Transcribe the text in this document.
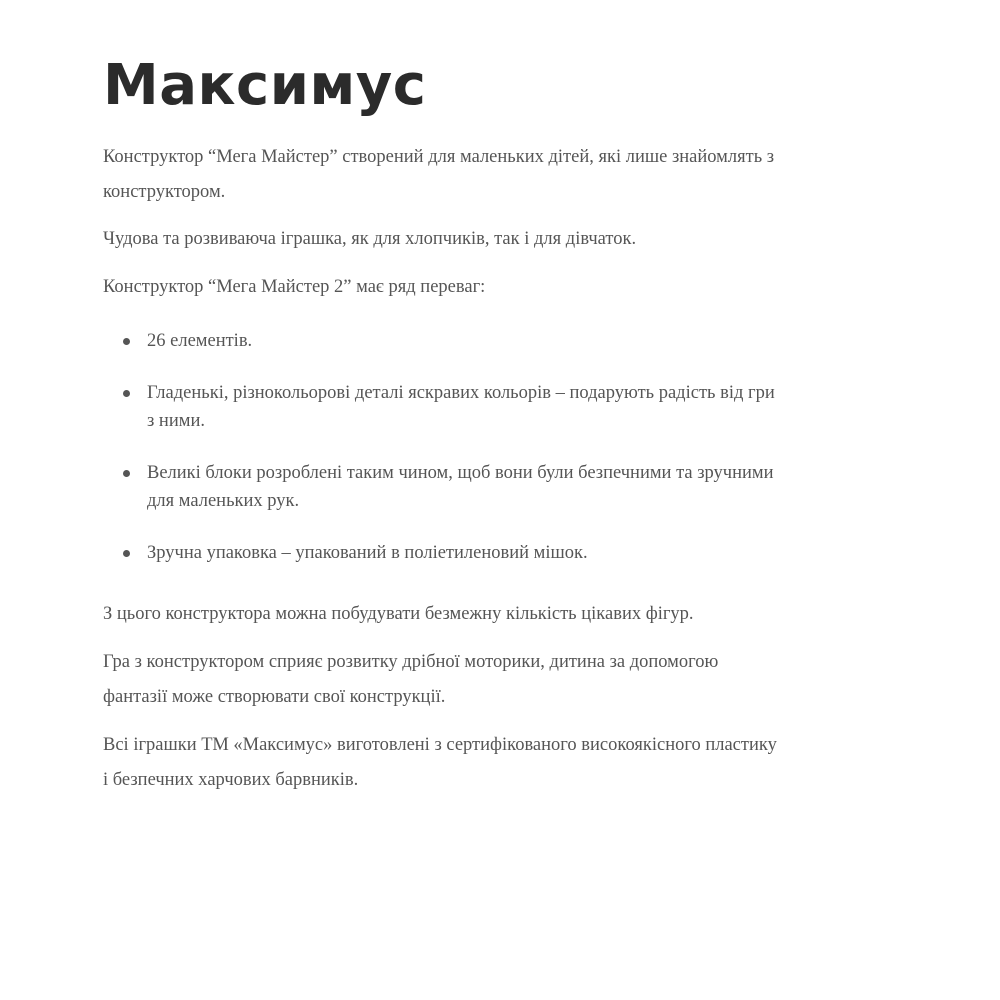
Максимус

Конструктор “Мега Майстер” створений для маленьких дітей, які лише знайомлять з конструктором.

Чудова та розвиваюча іграшка, як для хлопчиків, так і для дівчаток.

Конструктор “Мега Майстер 2” має ряд переваг:

26 елементів.
Гладенькі, різнокольорові деталі яскравих кольорів – подарують радість від гри з ними.
Великі блоки розроблені таким чином, щоб вони були безпечними та зручними для маленьких рук.
Зручна упаковка – упакований в поліетиленовий мішок.

З цього конструктора можна побудувати безмежну кількість цікавих фігур.

Гра з конструктором сприяє розвитку дрібної моторики, дитина за допомогою фантазії може створювати свої конструкції.

Всі іграшки ТМ «Максимус» виготовлені з сертифікованого високоякісного пластику і безпечних харчових барвників.
